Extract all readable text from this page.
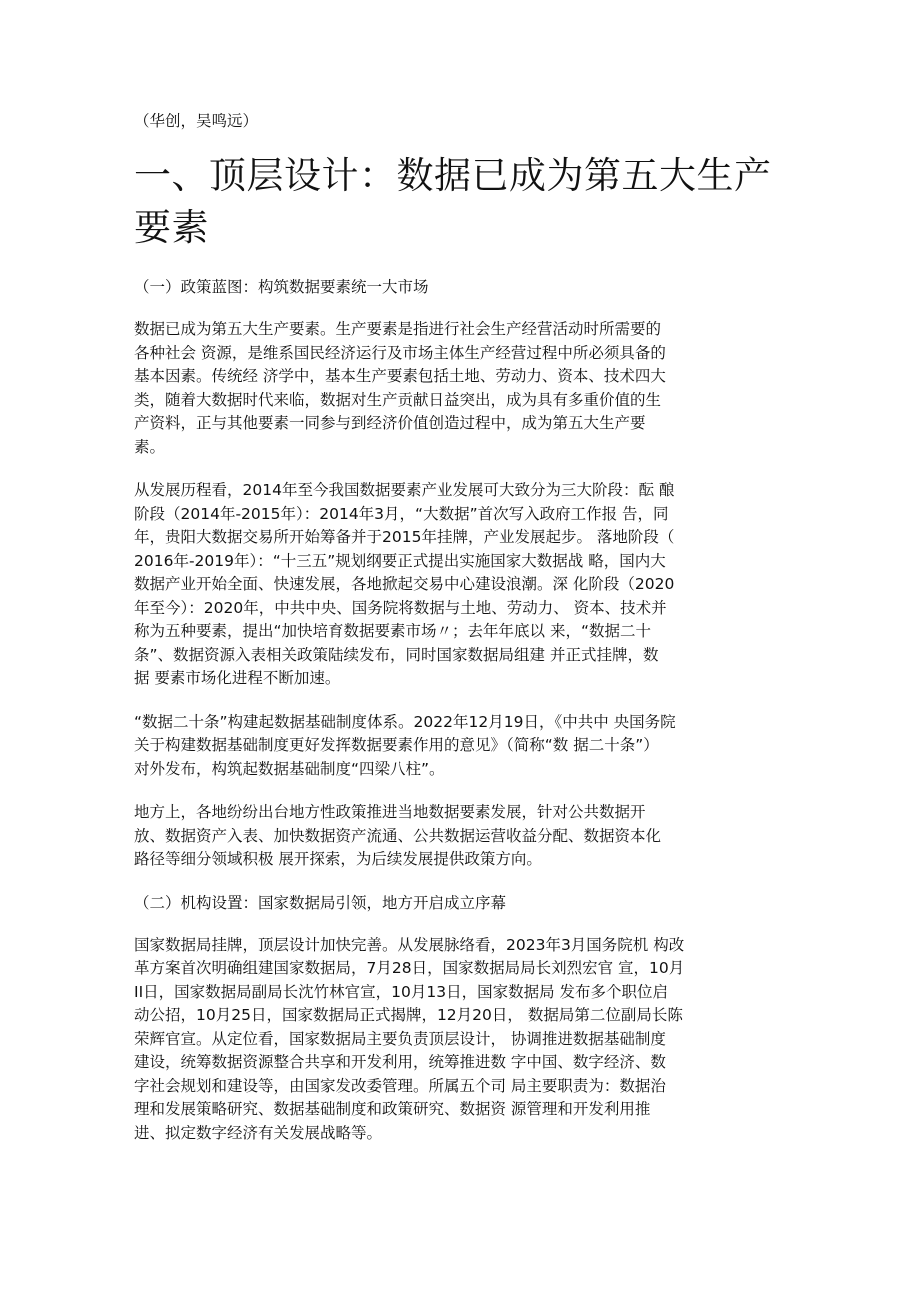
（华创，吴鸣远）
一、顶层设计：数据已成为第五大生产要素
（一）政策蓝图：构筑数据要素统一大市场
数据已成为第五大生产要素。生产要素是指进行社会生产经营活动时所需要的
各种社会 资源，是维系国民经济运行及市场主体生产经营过程中所必须具备的
基本因素。传统经 济学中，基本生产要素包括土地、劳动力、资本、技术四大
类，随着大数据时代来临，数据对生产贡献日益突出，成为具有多重价值的生
产资料，正与其他要素一同参与到经济价值创造过程中，成为第五大生产要
素。
从发展历程看，2014年至今我国数据要素产业发展可大致分为三大阶段：酝 酿
阶段（2014年-2015年）：2014年3月，“大数据”首次写入政府工作报 告，同
年，贵阳大数据交易所开始筹备并于2015年挂牌，产业发展起步。 落地阶段（
2016年-2019年）：“十三五”规划纲要正式提出实施国家大数据战 略，国内大
数据产业开始全面、快速发展，各地掀起交易中心建设浪潮。深 化阶段（2020
年至今）：2020年，中共中央、国务院将数据与土地、劳动力、 资本、技术并
称为五种要素，提出“加快培育数据要素市场〃；去年年底以 来，“数据二十
条”、数据资源入表相关政策陆续发布，同时国家数据局组建 并正式挂牌，数
据 要素市场化进程不断加速。
“数据二十条”构建起数据基础制度体系。2022年12月19日，《中共中 央国务院
关于构建数据基础制度更好发挥数据要素作用的意见》（简称“数 据二十条”）
对外发布，构筑起数据基础制度“四梁八柱”。
地方上，各地纷纷出台地方性政策推进当地数据要素发展，针对公共数据开
放、数据资产入表、加快数据资产流通、公共数据运营收益分配、数据资本化
路径等细分领域积极 展开探索，为后续发展提供政策方向。
（二）机构设置：国家数据局引领，地方开启成立序幕
国家数据局挂牌，顶层设计加快完善。从发展脉络看，2023年3月国务院机 构改
革方案首次明确组建国家数据局，7月28日，国家数据局局长刘烈宏官 宣，10月
ΙΙ日，国家数据局副局长沈竹林官宣，10月13日，国家数据局 发布多个职位启
动公招，10月25日，国家数据局正式揭牌，12月20日， 数据局第二位副局长陈
荣辉官宣。从定位看，国家数据局主要负责顶层设计， 协调推进数据基础制度
建设，统筹数据资源整合共享和开发利用，统筹推进数 字中国、数字经济、数
字社会规划和建设等，由国家发改委管理。所属五个司 局主要职责为：数据治
理和发展策略研究、数据基础制度和政策研究、数据资 源管理和开发利用推
进、拟定数字经济有关发展战略等。
